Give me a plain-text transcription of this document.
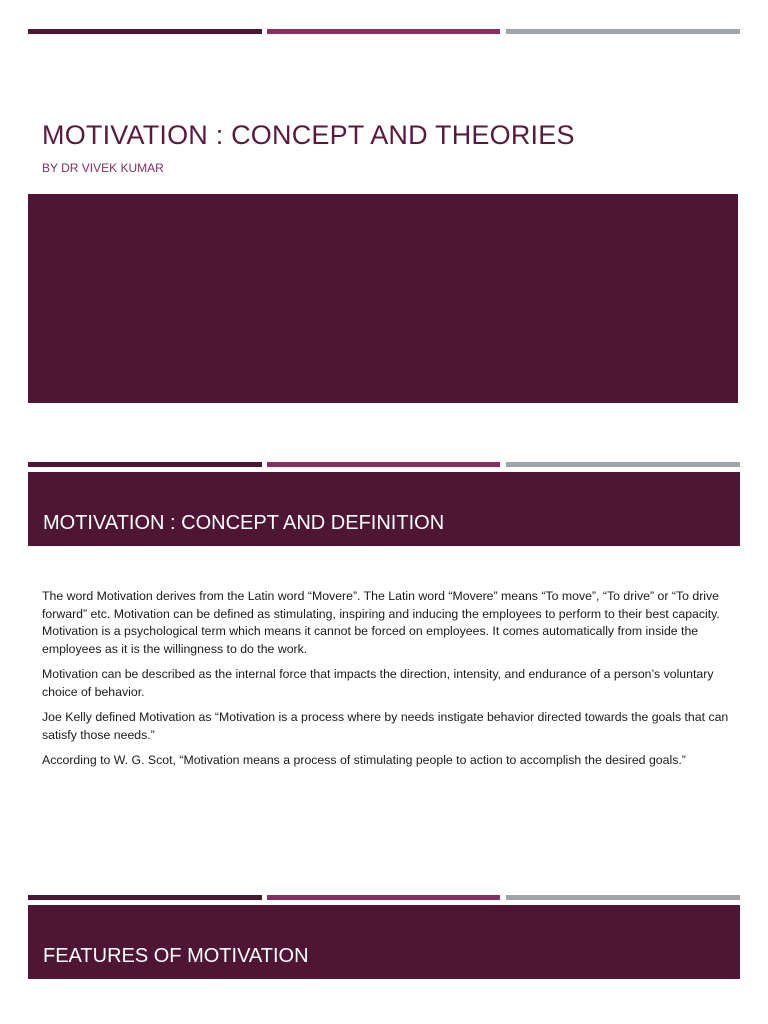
MOTIVATION : CONCEPT AND THEORIES
BY DR VIVEK KUMAR
MOTIVATION : CONCEPT AND DEFINITION

The word Motivation derives from the Latin word “Movere”. The Latin word “Movere” means “To move”, “To drive” or “To drive forward” etc. Motivation can be defined as stimulating, inspiring and inducing the employees to perform to their best capacity. Motivation is a psychological term which means it cannot be forced on employees. It comes automatically from inside the employees as it is the willingness to do the work.

Motivation can be described as the internal force that impacts the direction, intensity, and endurance of a person’s voluntary choice of behavior.

Joe Kelly defined Motivation as “Motivation is a process where by needs instigate behavior directed towards the goals that can satisfy those needs.”

According to W. G. Scot, “Motivation means a process of stimulating people to action to accomplish the desired goals.”

FEATURES OF MOTIVATION
